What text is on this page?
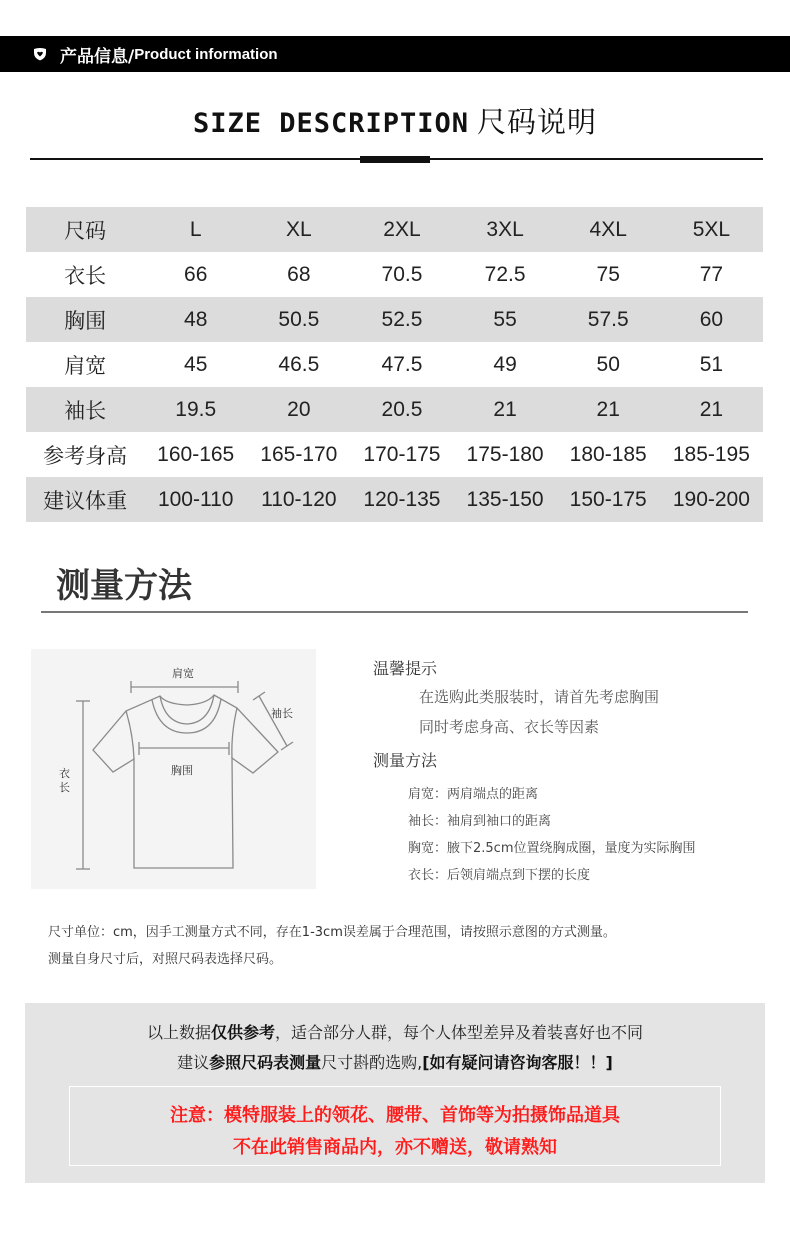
产品信息/ Product information
SIZE DESCRIPTION 尺码说明
尺码	L	XL	2XL	3XL	4XL	5XL
衣长	66	68	70.5	72.5	75	77
胸围	48	50.5	52.5	55	57.5	60
肩宽	45	46.5	47.5	49	50	51
袖长	19.5	20	20.5	21	21	21
参考身高	160-165	165-170	170-175	175-180	180-185	185-195
建议体重	100-110	110-120	120-135	135-150	150-175	190-200
测量方法
肩宽
袖长
胸围
衣
长
温馨提示
在选购此类服装时，请首先考虑胸围
同时考虑身高、衣长等因素
测量方法
肩宽：两肩端点的距离
袖长：袖肩到袖口的距离
胸宽：腋下2.5cm位置绕胸成圈，量度为实际胸围
衣长：后领肩端点到下摆的长度
尺寸单位：cm，因手工测量方式不同，存在1-3cm误差属于合理范围，请按照示意图的方式测量。
测量自身尺寸后，对照尺码表选择尺码。
以上数据仅供参考，适合部分人群，每个人体型差异及着装喜好也不同
建议参照尺码表测量尺寸斟酌选购,[如有疑问请咨询客服！！]
注意：模特服装上的领花、腰带、首饰等为拍摄饰品道具
不在此销售商品内，亦不赠送，敬请熟知
